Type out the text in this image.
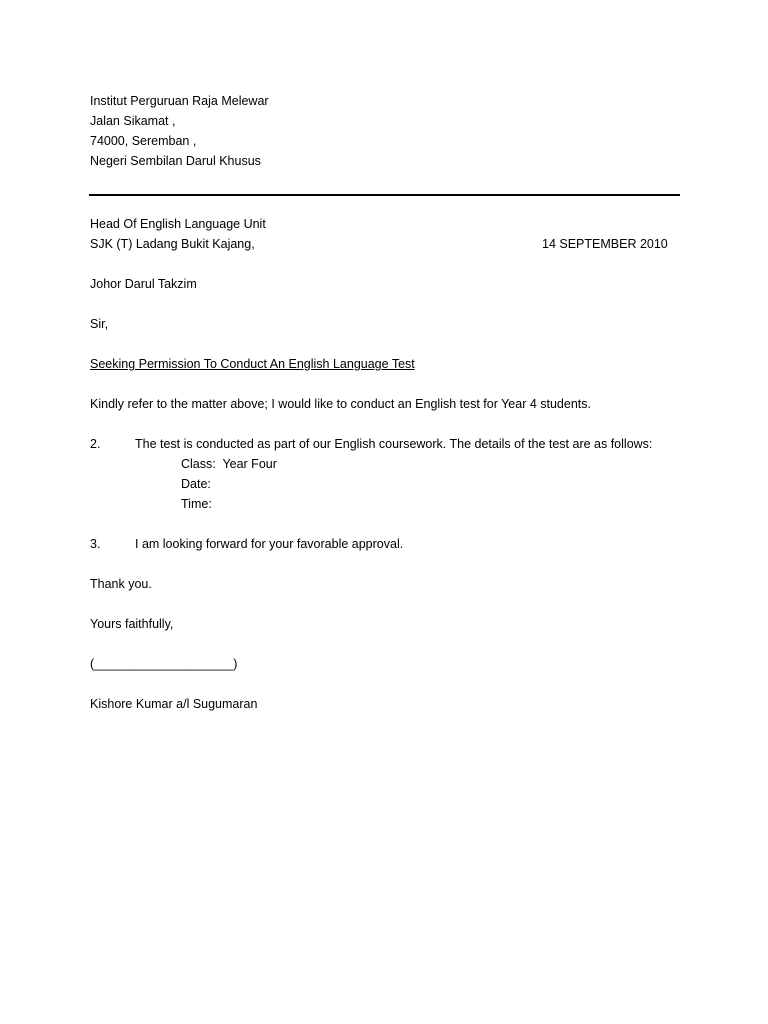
Institut Perguruan Raja Melewar
Jalan Sikamat ,
74000, Seremban ,
Negeri Sembilan Darul Khusus
Head Of English Language Unit
SJK (T) Ladang Bukit Kajang,	14 SEPTEMBER 2010
Johor Darul Takzim
Sir,
Seeking Permission To Conduct An English Language Test
Kindly refer to the matter above; I would like to conduct an English test for Year 4 students.
2.	The test is conducted as part of our English coursework. The details of the test are as follows:
Class:  Year Four
Date:
Time:
3.	I am looking forward for your favorable approval.
Thank you.
Yours faithfully,
(____________________)
Kishore Kumar a/l Sugumaran
